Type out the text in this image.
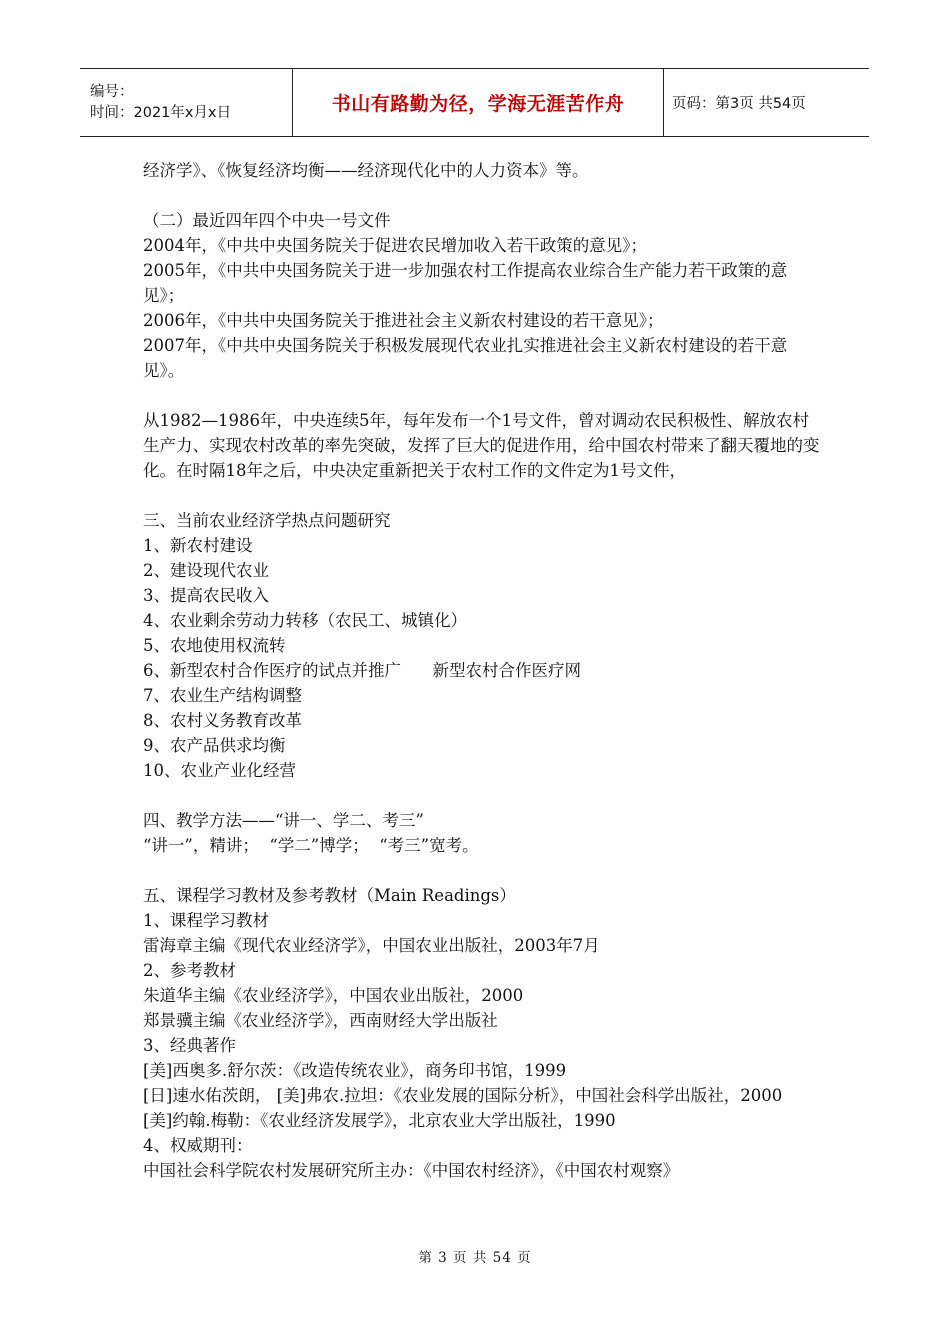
编号：
时间：2021年x月x日	书山有路勤为径，学海无涯苦作舟	页码：第3页 共54页

经济学》、《恢复经济均衡——经济现代化中的人力资本》等。

（二）最近四年四个中央一号文件

2004年，《中共中央国务院关于促进农民增加收入若干政策的意见》；

2005年，《中共中央国务院关于进一步加强农村工作提高农业综合生产能力若干政策的意见》；

2006年，《中共中央国务院关于推进社会主义新农村建设的若干意见》；

2007年，《中共中央国务院关于积极发展现代农业扎实推进社会主义新农村建设的若干意见》。

从1982—1986年，中央连续5年，每年发布一个1号文件，曾对调动农民积极性、解放农村生产力、实现农村改革的率先突破，发挥了巨大的促进作用，给中国农村带来了翻天覆地的变化。在时隔18年之后，中央决定重新把关于农村工作的文件定为1号文件，

三、当前农业经济学热点问题研究

1、新农村建设

2、建设现代农业

3、提高农民收入

4、农业剩余劳动力转移（农民工、城镇化）

5、农地使用权流转

6、新型农村合作医疗的试点并推广      新型农村合作医疗网

7、农业生产结构调整

8、农村义务教育改革

9、农产品供求均衡

10、农业产业化经营

四、教学方法——“讲一、学二、考三”

“讲一”，精讲；  “学二”博学；  “考三”宽考。

五、课程学习教材及参考教材（Main Readings）

1、课程学习教材

雷海章主编《现代农业经济学》，中国农业出版社，2003年7月

2、参考教材

朱道华主编《农业经济学》，中国农业出版社，2000

郑景骥主编《农业经济学》，西南财经大学出版社

3、经典著作

[美]西奥多.舒尔茨：《改造传统农业》，商务印书馆，1999

[日]速水佑茨朗， [美]弗农.拉坦：《农业发展的国际分析》，中国社会科学出版社，2000

[美]约翰.梅勒：《农业经济发展学》，北京农业大学出版社，1990

4、权威期刊：

中国社会科学院农村发展研究所主办：《中国农村经济》，《中国农村观察》

第 3 页 共 54 页
